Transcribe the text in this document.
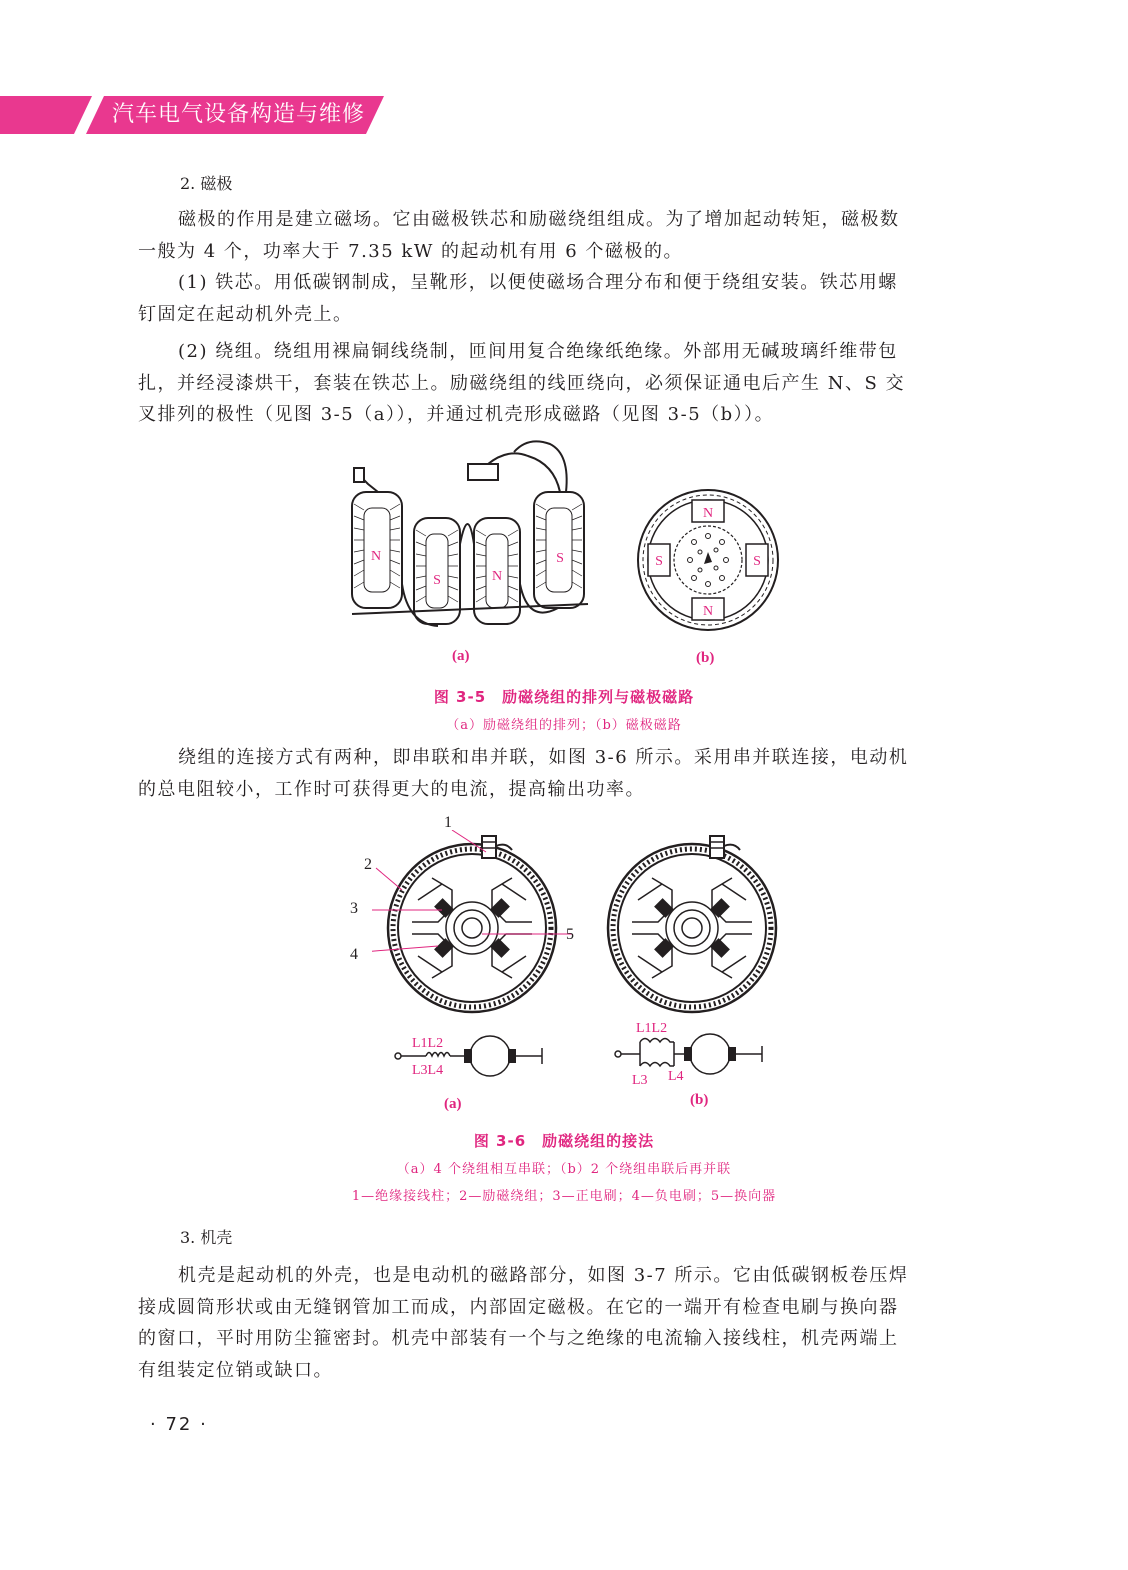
汽车电气设备构造与维修
2. 磁极
磁极的作用是建立磁场。它由磁极铁芯和励磁绕组组成。为了增加起动转矩，磁极数
一般为 4 个，功率大于 7.35 kW 的起动机有用 6 个磁极的。
(1) 铁芯。用低碳钢制成，呈靴形，以便使磁场合理分布和便于绕组安装。铁芯用螺
钉固定在起动机外壳上。
(2) 绕组。绕组用裸扁铜线绕制，匝间用复合绝缘纸绝缘。外部用无碱玻璃纤维带包
扎，并经浸漆烘干，套装在铁芯上。励磁绕组的线匝绕向，必须保证通电后产生 N、S 交
叉排列的极性（见图 3-5（a）），并通过机壳形成磁路（见图 3-5（b））。
N
S	N
S
N
N
S	S
(a)	(b)
图 3-5　励磁绕组的排列与磁极磁路
（a）励磁绕组的排列；（b）磁极磁路
绕组的连接方式有两种，即串联和串并联，如图 3-6 所示。采用串并联连接，电动机
的总电阻较小，工作时可获得更大的电流，提高输出功率。
1
2
3
4
5
L1L2
L3L4
L1L2
L3 L4
(a)	(b)
图 3-6　励磁绕组的接法
（a）4 个绕组相互串联；（b）2 个绕组串联后再并联
1—绝缘接线柱；2—励磁绕组；3—正电刷；4—负电刷；5—换向器
3. 机壳
机壳是起动机的外壳，也是电动机的磁路部分，如图 3-7 所示。它由低碳钢板卷压焊
接成圆筒形状或由无缝钢管加工而成，内部固定磁极。在它的一端开有检查电刷与换向器
的窗口，平时用防尘箍密封。机壳中部装有一个与之绝缘的电流输入接线柱，机壳两端上
有组装定位销或缺口。
· 72 ·
